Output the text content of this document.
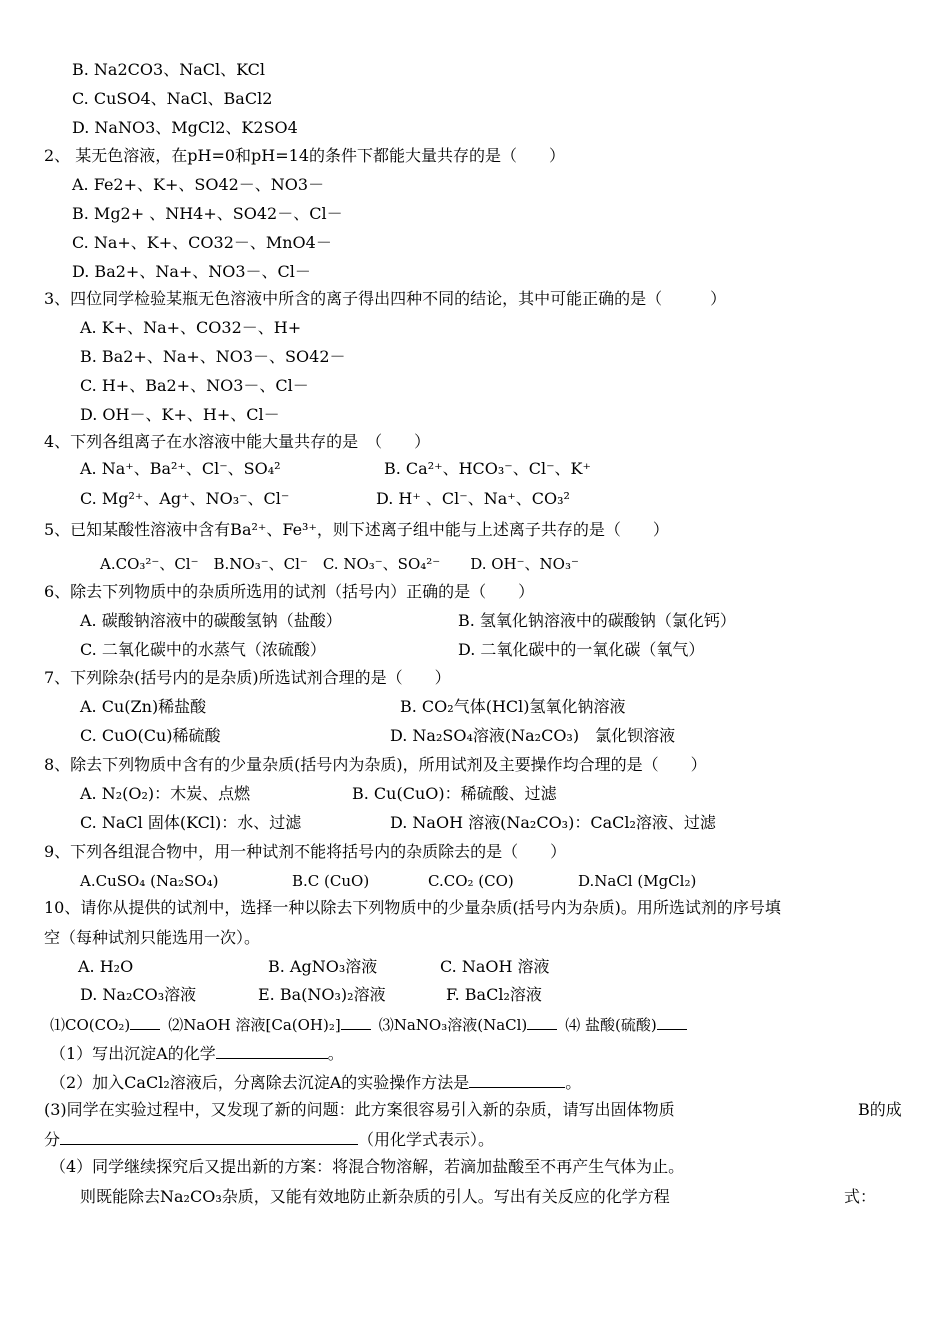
B. Na2CO3、NaCl、KCl
C. CuSO4、NaCl、BaCl2
D. NaNO3、MgCl2、K2SO4
2、 某无色溶液，在pH=0和pH=14的条件下都能大量共存的是（　　）
A. Fe2+、K+、SO42－、NO3－
B. Mg2+ 、NH4+、SO42－、Cl－
C. Na+、K+、CO32－、MnO4－
D. Ba2+、Na+、NO3－、Cl－
3、四位同学检验某瓶无色溶液中所含的离子得出四种不同的结论，其中可能正确的是（　　　）
A. K+、Na+、CO32－、H+
B. Ba2+、Na+、NO3－、SO42－
C. H+、Ba2+、NO3－、Cl－
D. OH－、K+、H+、Cl－
4、下列各组离子在水溶液中能大量共存的是　（　　）
A. Na⁺、Ba²⁺、Cl⁻、SO₄²	B. Ca²⁺、HCO₃⁻、Cl⁻、K⁺
C. Mg²⁺、Ag⁺、NO₃⁻、Cl⁻	D. H⁺ 、Cl⁻、Na⁺、CO₃²
5、已知某酸性溶液中含有Ba²⁺、Fe³⁺，则下述离子组中能与上述离子共存的是（　　）
A.CO₃²⁻、Cl⁻　B.NO₃⁻、Cl⁻　C. NO₃⁻、SO₄²⁻　　D. OH⁻、NO₃⁻
6、除去下列物质中的杂质所选用的试剂（括号内）正确的是（　　）
A. 碳酸钠溶液中的碳酸氢钠（盐酸）	B. 氢氧化钠溶液中的碳酸钠（氯化钙）
C. 二氧化碳中的水蒸气（浓硫酸）	D. 二氧化碳中的一氧化碳（氧气）
7、下列除杂(括号内的是杂质)所选试剂合理的是（　　）
A. Cu(Zn)稀盐酸	B. CO₂气体(HCl)氢氧化钠溶液
C. CuO(Cu)稀硫酸	D. Na₂SO₄溶液(Na₂CO₃)　氯化钡溶液
8、除去下列物质中含有的少量杂质(括号内为杂质)，所用试剂及主要操作均合理的是（　　）
A. N₂(O₂)：木炭、点燃	B. Cu(CuO)：稀硫酸、过滤
C. NaCl 固体(KCl)：水、过滤	D. NaOH 溶液(Na₂CO₃)：CaCl₂溶液、过滤
9、下列各组混合物中，用一种试剂不能将括号内的杂质除去的是（　　）
A.CuSO₄ (Na₂SO₄)	B.C (CuO)	C.CO₂ (CO)	D.NaCl (MgCl₂)
10、请你从提供的试剂中，选择一种以除去下列物质中的少量杂质(括号内为杂质)。用所选试剂的序号填
空（每种试剂只能选用一次）。
A. H₂O	B. AgNO₃溶液	C. NaOH 溶液
D. Na₂CO₃溶液	E. Ba(NO₃)₂溶液	F. BaCl₂溶液
⑴CO(CO₂)	⑵NaOH 溶液[Ca(OH)₂]	⑶NaNO₃溶液(NaCl)	⑷ 盐酸(硫酸)
（1）写出沉淀A的化学	。
（2）加入CaCl₂溶液后，分离除去沉淀A的实验操作方法是	。
(3)同学在实验过程中，又发现了新的问题：此方案很容易引入新的杂质，请写出固体物质	B的成
分	（用化学式表示）。
（4）同学继续探究后又提出新的方案：将混合物溶解，若滴加盐酸至不再产生气体为止。
则既能除去Na₂CO₃杂质，又能有效地防止新杂质的引人。写出有关反应的化学方程	式：
